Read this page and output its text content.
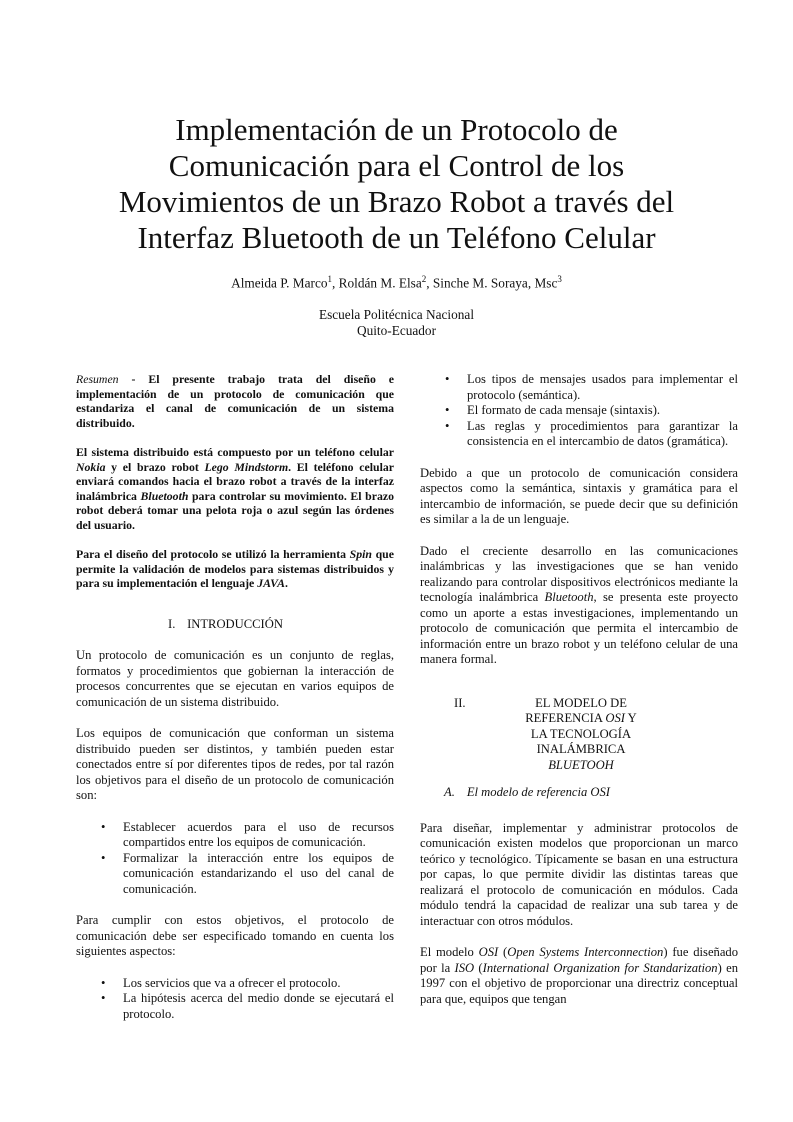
Implementación de un Protocolo de
Comunicación para el Control de los
Movimientos de un Brazo Robot a través del
Interfaz Bluetooth de un Teléfono Celular
Almeida P. Marco$^1$, Roldán M. Elsa$^2$, Sinche M. Soraya, Msc$^3$
Escuela Politécnica Nacional
Quito-Ecuador

Resumen - El presente trabajo trata del diseño e implementación de un protocolo de comunicación que estandariza el canal de comunicación de un sistema distribuido.

El sistema distribuido está compuesto por un teléfono celular Nokia y el brazo robot Lego Mindstorm. El teléfono celular enviará comandos hacia el brazo robot a través de la interfaz inalámbrica Bluetooth para controlar su movimiento. El brazo robot deberá tomar una pelota roja o azul según las órdenes del usuario.

Para el diseño del protocolo se utilizó la herramienta Spin que permite la validación de modelos para sistemas distribuidos y para su implementación el lenguaje JAVA.

I. INTRODUCCIÓN

Un protocolo de comunicación es un conjunto de reglas, formatos y procedimientos que gobiernan la interacción de procesos concurrentes que se ejecutan en varios equipos de comunicación de un sistema distribuido.

Los equipos de comunicación que conforman un sistema distribuido pueden ser distintos, y también pueden estar conectados entre sí por diferentes tipos de redes, por tal razón los objetivos para el diseño de un protocolo de comunicación son:

• Establecer acuerdos para el uso de recursos compartidos entre los equipos de comunicación.
• Formalizar la interacción entre los equipos de comunicación estandarizando el uso del canal de comunicación.

Para cumplir con estos objetivos, el protocolo de comunicación debe ser especificado tomando en cuenta los siguientes aspectos:

• Los servicios que va a ofrecer el protocolo.
• La hipótesis acerca del medio donde se ejecutará el protocolo.
• Los tipos de mensajes usados para implementar el protocolo (semántica).
• El formato de cada mensaje (sintaxis).
• Las reglas y procedimientos para garantizar la consistencia en el intercambio de datos (gramática).

Debido a que un protocolo de comunicación considera aspectos como la semántica, sintaxis y gramática para el intercambio de información, se puede decir que su definición es similar a la de un lenguaje.

Dado el creciente desarrollo en las comunicaciones inalámbricas y las investigaciones que se han venido realizando para controlar dispositivos electrónicos mediante la tecnología inalámbrica Bluetooth, se presenta este proyecto como un aporte a estas investigaciones, implementando un protocolo de comunicación que permita el intercambio de información entre un brazo robot y un teléfono celular de una manera formal.

II.	EL MODELO DE REFERENCIA OSI Y
LA TECNOLOGÍA INALÁMBRICA
BLUETOOH
A. El modelo de referencia OSI

Para diseñar, implementar y administrar protocolos de comunicación existen modelos que proporcionan un marco teórico y tecnológico. Típicamente se basan en una estructura por capas, lo que permite dividir las distintas tareas que realizará el protocolo de comunicación en módulos. Cada módulo tendrá la capacidad de realizar una sub tarea y de interactuar con otros módulos.

El modelo OSI (Open Systems Interconnection) fue diseñado por la ISO (International Organization for Standarization) en 1997 con el objetivo de proporcionar una directriz conceptual para que, equipos que tengan
